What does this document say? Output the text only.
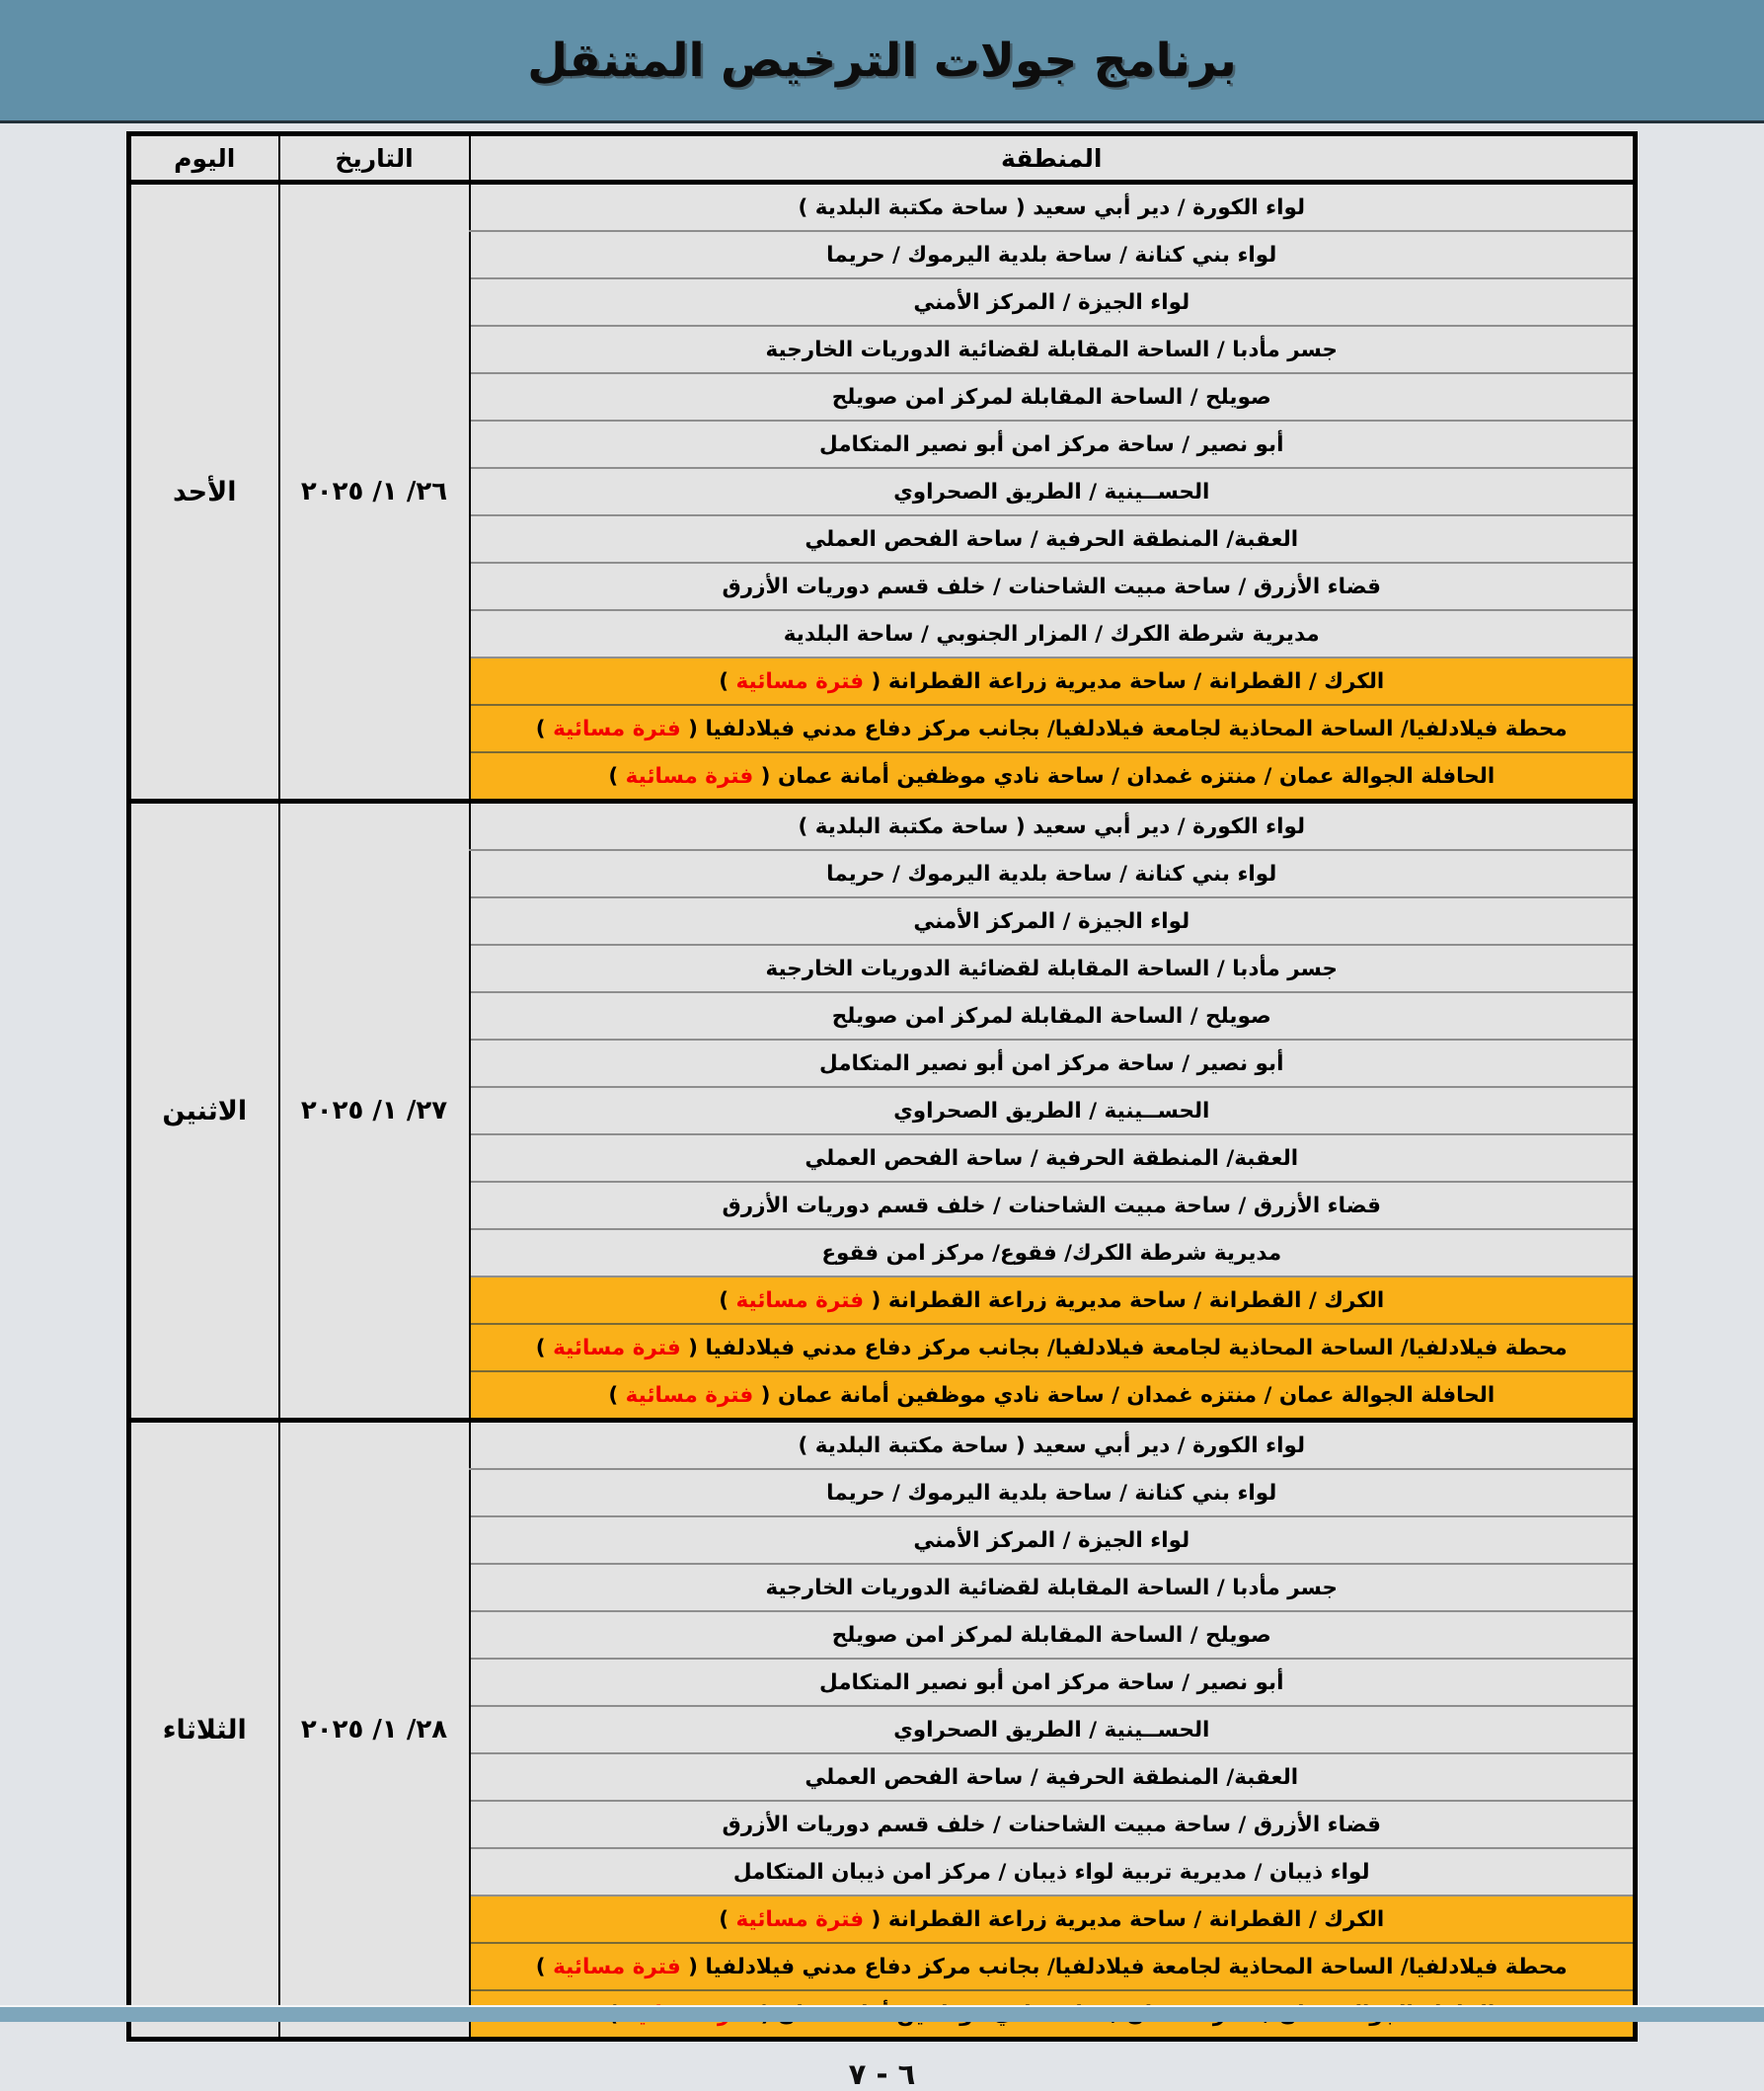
برنامج جولات الترخيص المتنقل
المنطقة	التاريخ	اليوم
لواء الكورة / دير أبي سعيد ( ساحة مكتبة البلدية )	٢٦/ ١/ ٢٠٢٥	الأحد
لواء بني كنانة / ساحة بلدية اليرموك / حريما		
لواء الجيزة / المركز الأمني		
جسر مأدبا / الساحة المقابلة لقضائية الدوريات الخارجية		
صويلح / الساحة المقابلة لمركز امن صويلح		
أبو نصير / ساحة مركز امن أبو نصير المتكامل		
الحســينية / الطريق الصحراوي		
العقبة/ المنطقة الحرفية / ساحة الفحص العملي		
قضاء الأزرق / ساحة مبيت الشاحنات / خلف قسم دوريات الأزرق		
مديرية شرطة الكرك / المزار الجنوبي / ساحة البلدية		
الكرك / القطرانة / ساحة مديرية زراعة القطرانة ( فترة مسائية )		
محطة فيلادلفيا/ الساحة المحاذية لجامعة فيلادلفيا/ بجانب مركز دفاع مدني فيلادلفيا ( فترة مسائية )		
الحافلة الجوالة عمان / منتزه غمدان / ساحة نادي موظفين أمانة عمان ( فترة مسائية )		
لواء الكورة / دير أبي سعيد ( ساحة مكتبة البلدية )	٢٧/ ١/ ٢٠٢٥	الاثنين
لواء بني كنانة / ساحة بلدية اليرموك / حريما		
لواء الجيزة / المركز الأمني		
جسر مأدبا / الساحة المقابلة لقضائية الدوريات الخارجية		
صويلح / الساحة المقابلة لمركز امن صويلح		
أبو نصير / ساحة مركز امن أبو نصير المتكامل		
الحســينية / الطريق الصحراوي		
العقبة/ المنطقة الحرفية / ساحة الفحص العملي		
قضاء الأزرق / ساحة مبيت الشاحنات / خلف قسم دوريات الأزرق		
مديرية شرطة الكرك/ فقوع/ مركز امن فقوع		
الكرك / القطرانة / ساحة مديرية زراعة القطرانة ( فترة مسائية )		
محطة فيلادلفيا/ الساحة المحاذية لجامعة فيلادلفيا/ بجانب مركز دفاع مدني فيلادلفيا ( فترة مسائية )		
الحافلة الجوالة عمان / منتزه غمدان / ساحة نادي موظفين أمانة عمان ( فترة مسائية )		
لواء الكورة / دير أبي سعيد ( ساحة مكتبة البلدية )	٢٨/ ١/ ٢٠٢٥	الثلاثاء
لواء بني كنانة / ساحة بلدية اليرموك / حريما		
لواء الجيزة / المركز الأمني		
جسر مأدبا / الساحة المقابلة لقضائية الدوريات الخارجية		
صويلح / الساحة المقابلة لمركز امن صويلح		
أبو نصير / ساحة مركز امن أبو نصير المتكامل		
الحســينية / الطريق الصحراوي		
العقبة/ المنطقة الحرفية / ساحة الفحص العملي		
قضاء الأزرق / ساحة مبيت الشاحنات / خلف قسم دوريات الأزرق		
لواء ذيبان / مديرية تربية لواء ذيبان / مركز امن ذيبان المتكامل		
الكرك / القطرانة / ساحة مديرية زراعة القطرانة ( فترة مسائية )		
محطة فيلادلفيا/ الساحة المحاذية لجامعة فيلادلفيا/ بجانب مركز دفاع مدني فيلادلفيا ( فترة مسائية )		

٦ - ٧
